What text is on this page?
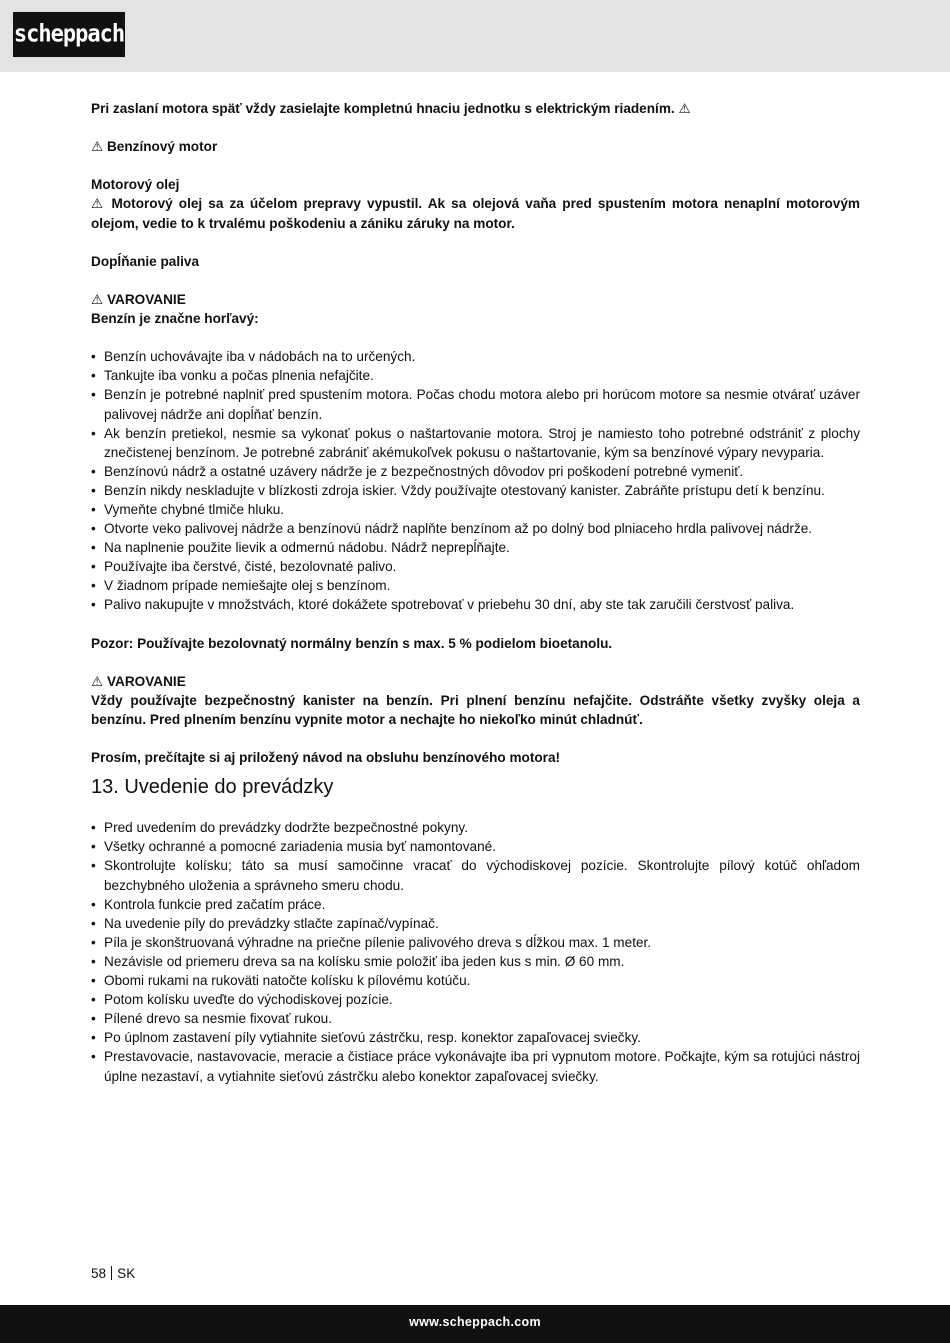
scheppach

Pri zaslaní motora späť vždy zasielajte kompletnú hnaciu jednotku s elektrickým riadením. ⚠

⚠ Benzínový motor

Motorový olej

⚠ Motorový olej sa za účelom prepravy vypustil. Ak sa olejová vaňa pred spustením motora nenaplní motorovým olejom, vedie to k trvalému poškodeniu a zániku záruky na motor.

Dopĺňanie paliva

⚠ VAROVANIE

Benzín je značne horľavý:

• Benzín uchovávajte iba v nádobách na to určených.
• Tankujte iba vonku a počas plnenia nefajčite.
• Benzín je potrebné naplniť pred spustením motora. Počas chodu motora alebo pri horúcom motore sa nesmie otvárať uzáver palivovej nádrže ani dopĺňať benzín.
• Ak benzín pretiekol, nesmie sa vykonať pokus o naštartovanie motora. Stroj je namiesto toho potrebné odstrániť z plochy znečistenej benzínom. Je potrebné zabrániť akémukoľvek pokusu o naštartovanie, kým sa benzínové výpary nevyparia.
• Benzínovú nádrž a ostatné uzávery nádrže je z bezpečnostných dôvodov pri poškodení potrebné vymeniť.
• Benzín nikdy neskladujte v blízkosti zdroja iskier. Vždy používajte otestovaný kanister. Zabráňte prístupu detí k benzínu.
• Vymeňte chybné tlmiče hluku.
• Otvorte veko palivovej nádrže a benzínovú nádrž naplňte benzínom až po dolný bod plniaceho hrdla palivovej nádrže.
• Na naplnenie použite lievik a odmernú nádobu. Nádrž neprepĺňajte.
• Používajte iba čerstvé, čisté, bezolovnaté palivo.
• V žiadnom prípade nemiešajte olej s benzínom.
• Palivo nakupujte v množstvách, ktoré dokážete spotrebovať v priebehu 30 dní, aby ste tak zaručili čerstvosť paliva.

Pozor: Používajte bezolovnatý normálny benzín s max. 5 % podielom bioetanolu.

⚠ VAROVANIE

Vždy používajte bezpečnostný kanister na benzín. Pri plnení benzínu nefajčite. Odstráňte všetky zvyšky oleja a benzínu. Pred plnením benzínu vypnite motor a nechajte ho niekoľko minút chladnúť.

Prosím, prečítajte si aj priložený návod na obsluhu benzínového motora!

13. Uvedenie do prevádzky
• Pred uvedením do prevádzky dodržte bezpečnostné pokyny.
• Všetky ochranné a pomocné zariadenia musia byť namontované.
• Skontrolujte kolísku; táto sa musí samočinne vracať do východiskovej pozície. Skontrolujte pílový kotúč ohľadom bezchybného uloženia a správneho smeru chodu.
• Kontrola funkcie pred začatím práce.
• Na uvedenie píly do prevádzky stlačte zapínač/vypínač.
• Píla je skonštruovaná výhradne na priečne pílenie palivového dreva s dĺžkou max. 1 meter.
• Nezávisle od priemeru dreva sa na kolísku smie položiť iba jeden kus s min. Ø 60 mm.
• Obomi rukami na rukoväti natočte kolísku k pílovému kotúču.
• Potom kolísku uveďte do východiskovej pozície.
• Pílené drevo sa nesmie fixovať rukou.
• Po úplnom zastavení píly vytiahnite sieťovú zástrčku, resp. konektor zapaľovacej sviečky.
• Prestavovacie, nastavovacie, meracie a čistiace práce vykonávajte iba pri vypnutom motore. Počkajte, kým sa rotujúci nástroj úplne nezastaví, a vytiahnite sieťovú zástrčku alebo konektor zapaľovacej sviečky.
58 SK
www.scheppach.com
